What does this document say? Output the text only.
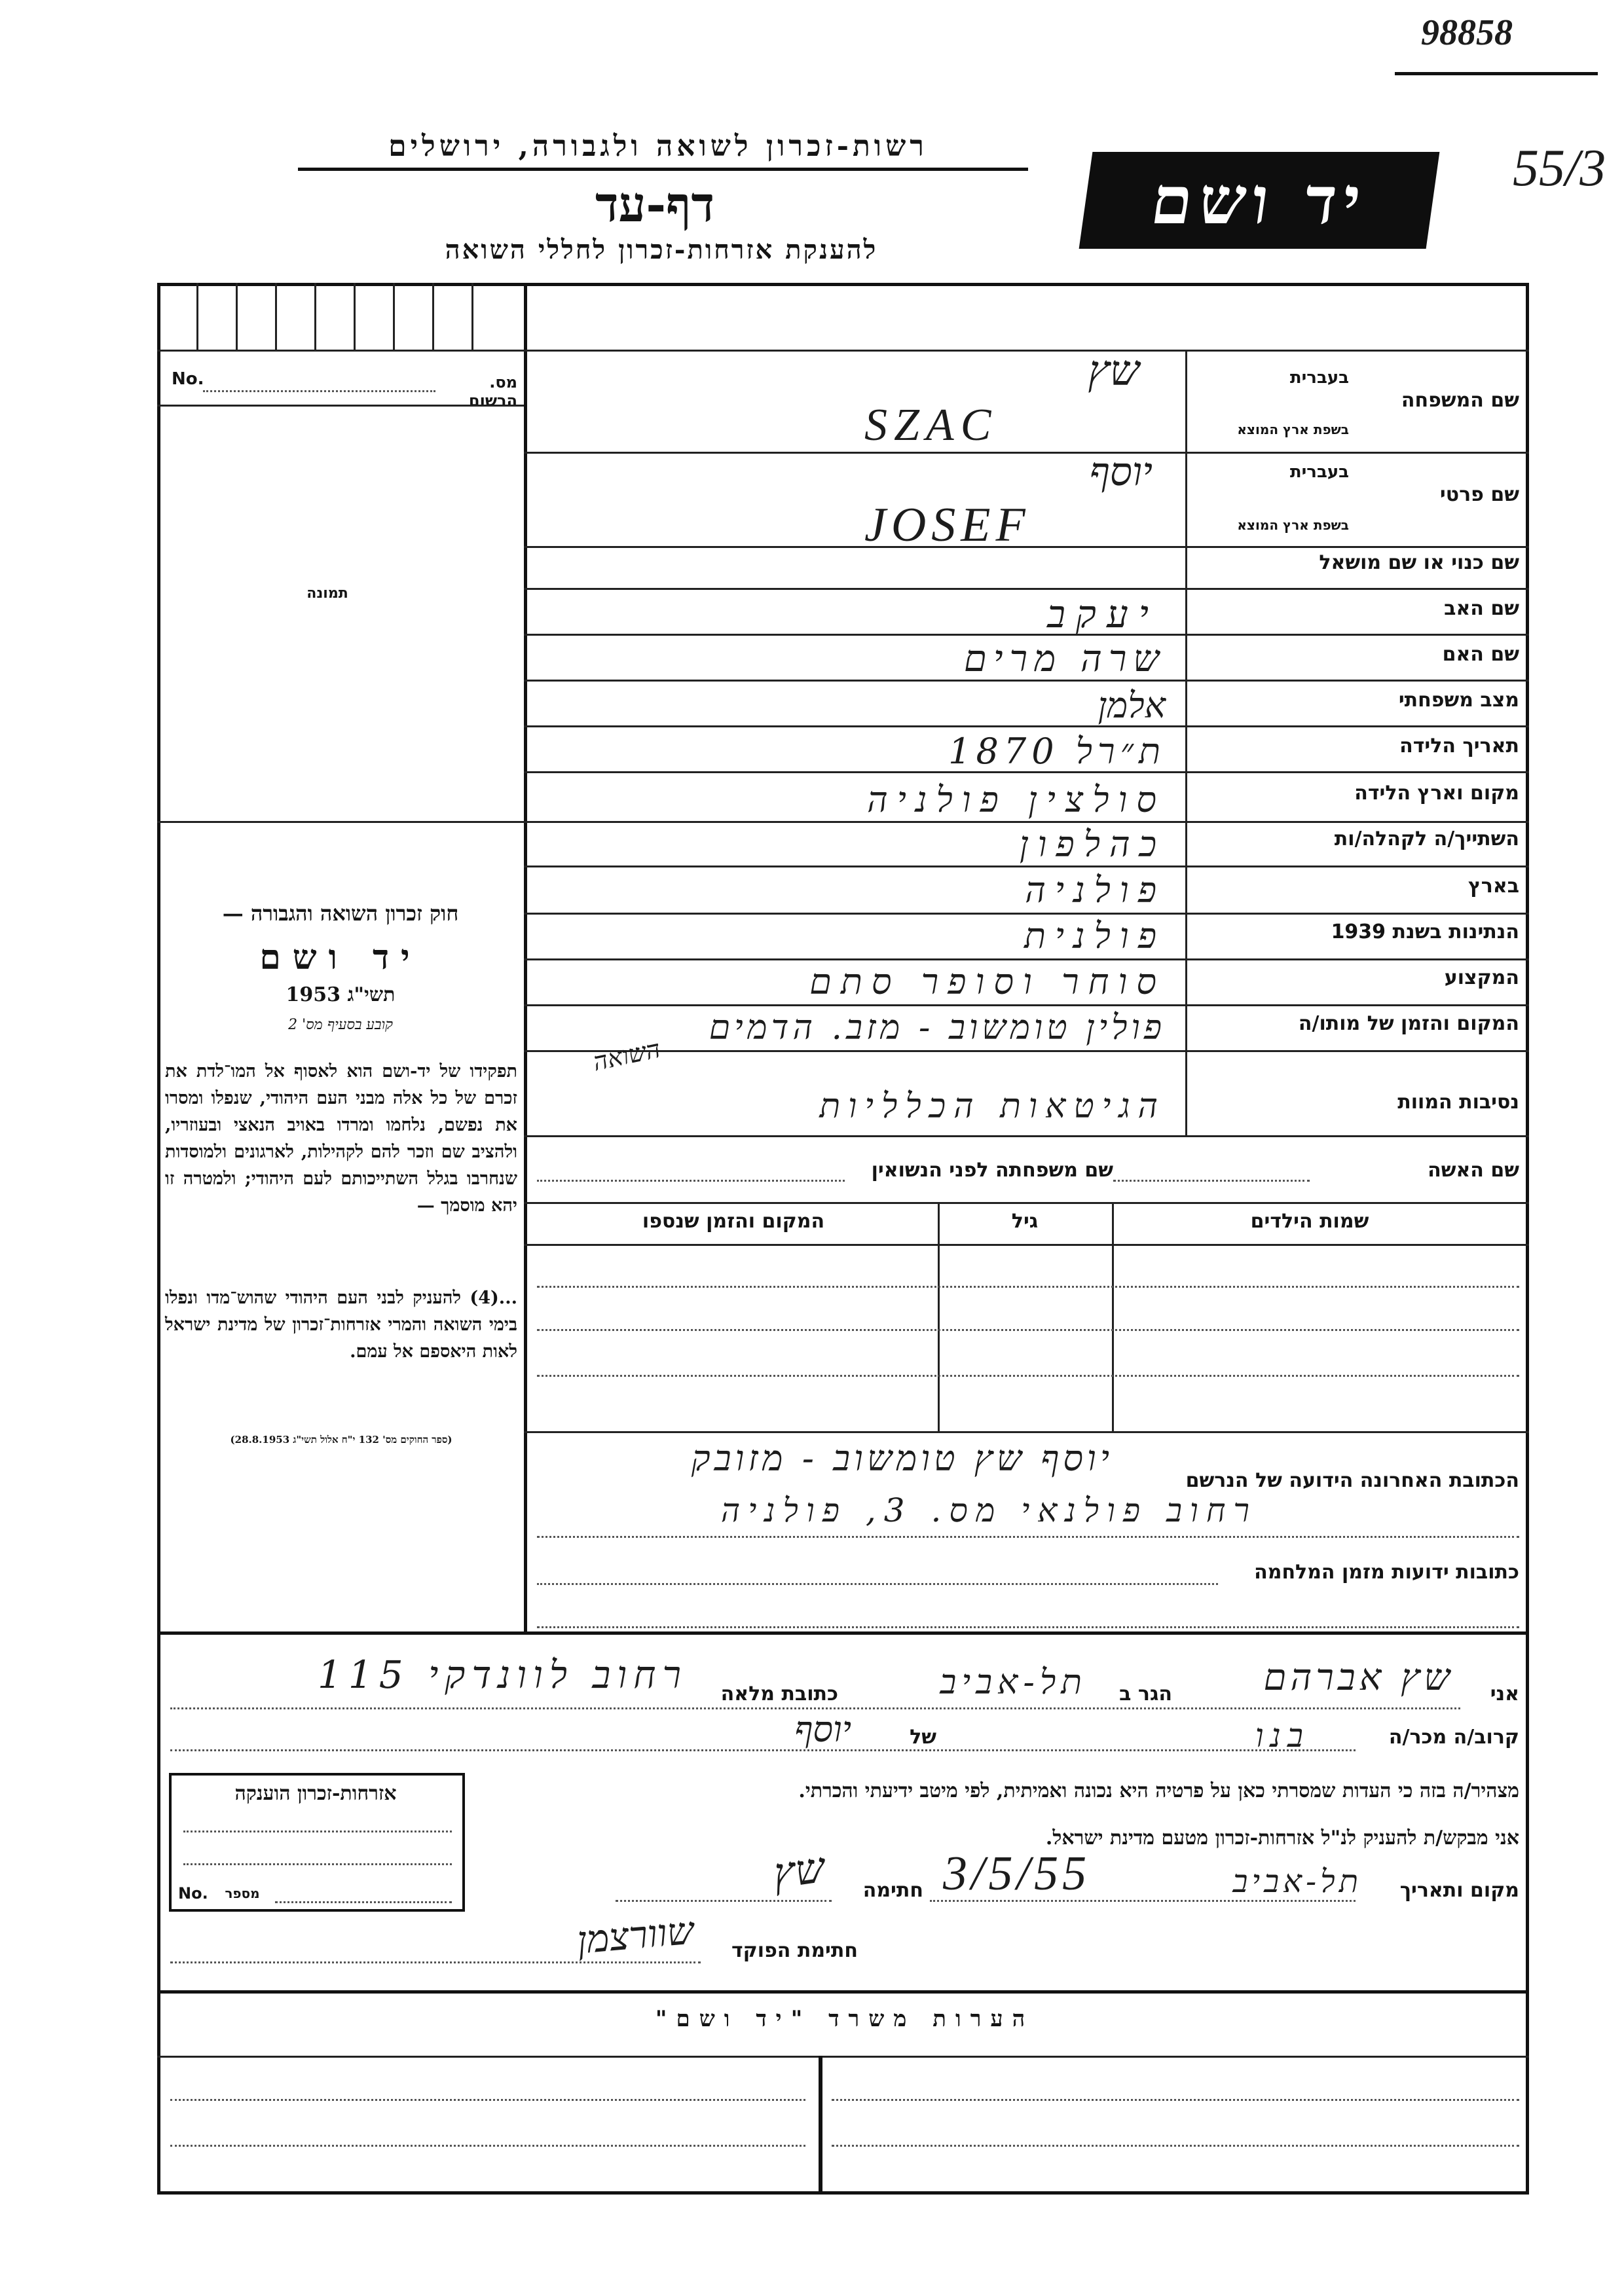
98858
55/3
רשות-זכרון לשואה ולגבורה, ירושלים
דף-עד
להענקת אזרחות-זכרון לחללי השואה
יד ושם
No.	מס. הרשום
תמונה
חוק זכרון השואה והגבורה —
יד ושם
תשי"ג 1953
קובע בסעיף מס' 2
תפקידו של יד-ושם הוא לאסוף אל המו־לדת את זכרם של כל אלה מבני העם היהודי, שנפלו ומסרו את נפשם, נלחמו ומרדו באויב הנאצי ובעוזריו, ולהציב שם וזכר להם לקהילות, לארגונים ולמוסדות שנחרבו בגלל השתייכותם לעם היהודי; ולמטרה זו יהא מוסמך —
...(4) להעניק לבני העם היהודי שהוש־מדו ונפלו בימי השואה והמרי אזרחות־זכרון של מדינת ישראל לאות היאספם אל עמם.
(ספר החוקים מס' 132 י"ח אלול תשי"ג 28.8.1953)
שם המשפחה
בעברית
בשפת ארץ המוצא
שץ
SZAC
שם פרטי
בעברית
בשפת ארץ המוצא
יוסף
JOSEF
שם כנוי או שם מושאל
שם האב
יעקב
שם האם
שרה מרים
מצב משפחתי
אלמן
תאריך הלידה
ת״רל 1870
מקום וארץ הלידה
סולצין פולניה
השתייך/ה לקהלה/ות
כהלפון
בארץ
פולניה
הנתינות בשנת 1939
פולנית
המקצוע
סוחר וסופר סתם
המקום והזמן של מותו/ה
פולין טומשוב - מזב. הדמים
השואה
נסיבות המוות
הגיטאות הכלליות
שם האשה
שם משפחתה לפני הנשואין
שמות הילדים
גיל
המקום והזמן שנספו
הכתובת האחרונה הידועה של הנרשם
יוסף שץ טומשוב - מזובק
רחוב פולנאי מס. 3, פולניה
כתובות ידועות מזמן המלחמה
אני
שץ אברהם
הגר ב
תל-אביב
כתובת מלאה
רחוב לוונדקי 115
קרוב/ה מכר/ה
בנו
של
יוסף
מצהיר/ה בזה כי העדות שמסרתי כאן על פרטיה היא נכונה ואמיתית, לפי מיטב ידיעתי והכרתי.
אני מבקש/ת להעניק לנ"ל אזרחות-זכרון מטעם מדינת ישראל.
מקום ותאריך
תל-אביב
3/5/55
חתימה
שץ
חתימת הפוקד
שוורצמן
אזרחות-זכרון הוענקה
No.	מספר
הערות משרד "יד ושם"
